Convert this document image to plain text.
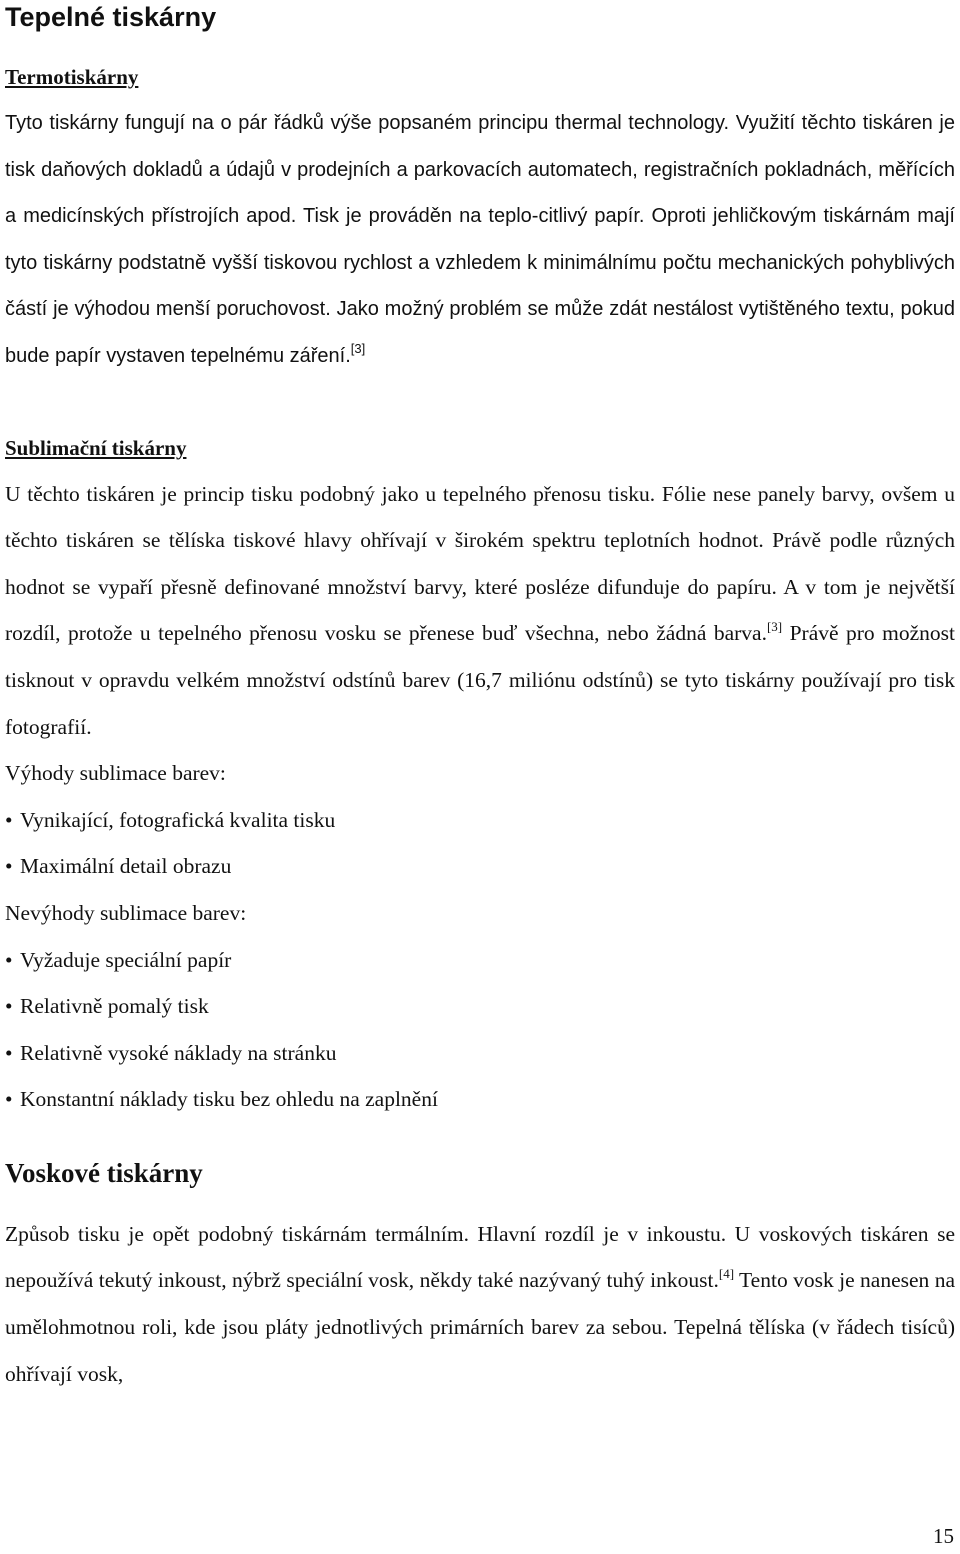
Tepelné tiskárny
Termotiskárny

Tyto tiskárny fungují na o pár řádků výše popsaném principu thermal technology. Využití těchto tiskáren je tisk daňových dokladů a údajů v prodejních a parkovacích automatech, registračních pokladnách, měřících a medicínských přístrojích apod. Tisk je prováděn na teplo-citlivý papír. Oproti jehličkovým tiskárnám mají tyto tiskárny podstatně vyšší tiskovou rychlost a vzhledem k minimálnímu počtu mechanických pohyblivých částí je výhodou menší poruchovost. Jako možný problém se může zdát nestálost vytištěného textu, pokud bude papír vystaven tepelnému záření.[3]

Sublimační tiskárny

U těchto tiskáren je princip tisku podobný jako u tepelného přenosu tisku. Fólie nese panely barvy, ovšem u těchto tiskáren se tělíska tiskové hlavy ohřívají v širokém spektru teplotních hodnot. Právě podle různých hodnot se vypaří přesně definované množství barvy, které posléze difunduje do papíru. A v tom je největší rozdíl, protože u tepelného přenosu vosku se přenese buď všechna, nebo žádná barva.[3] Právě pro možnost tisknout v opravdu velkém množství odstínů barev (16,7 miliónu odstínů) se tyto tiskárny používají pro tisk fotografií.

Výhody sublimace barev:
• Vynikající, fotografická kvalita tisku
• Maximální detail obrazu
Nevýhody sublimace barev:
• Vyžaduje speciální papír
• Relativně pomalý tisk
• Relativně vysoké náklady na stránku
• Konstantní náklady tisku bez ohledu na zaplnění
Voskové tiskárny

Způsob tisku je opět podobný tiskárnám termálním. Hlavní rozdíl je v inkoustu. U voskových tiskáren se nepoužívá tekutý inkoust, nýbrž speciální vosk, někdy také nazývaný tuhý inkoust.[4] Tento vosk je nanesen na umělohmotnou roli, kde jsou pláty jednotlivých primárních barev za sebou. Tepelná tělíska (v řádech tisíců) ohřívají vosk,

15
